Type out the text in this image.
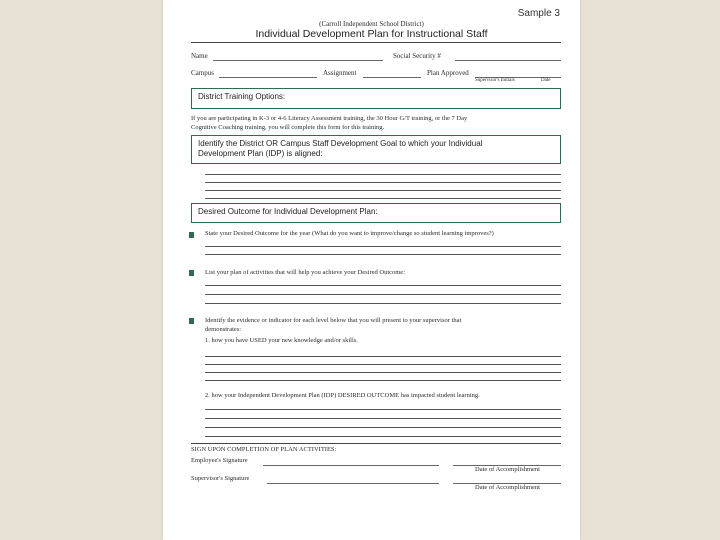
Sample 3
(Carroll Independent School District)
Individual Development Plan for Instructional Staff
Name	Social Security #
Campus	Assignment	Plan Approved
Supervisor's Initials	Date
District Training Options:
If you are participating in K-3 or 4-6 Literacy Assessment training, the 30 Hour G/T training, or the 7 Day
Cognitive Coaching training, you will complete this form for this training.
Identify the District OR Campus Staff Development Goal to which your Individual
Development Plan (IDP) is aligned:
Desired Outcome for Individual Development Plan:
State your Desired Outcome for the year (What do you want to improve/change so student learning improves?)
List your plan of activities that will help you achieve your Desired Outcome:
Identify the evidence or indicator for each level below that you will present to your supervisor that
demonstrates:
1. how you have USED your new knowledge and/or skills.
2. how your Independent Development Plan (IDP) DESIRED OUTCOME has impacted student learning.
SIGN UPON COMPLETION OF PLAN ACTIVITIES:
Employee's Signature
Date of Accomplishment
Supervisor's Signature
Date of Accomplishment
